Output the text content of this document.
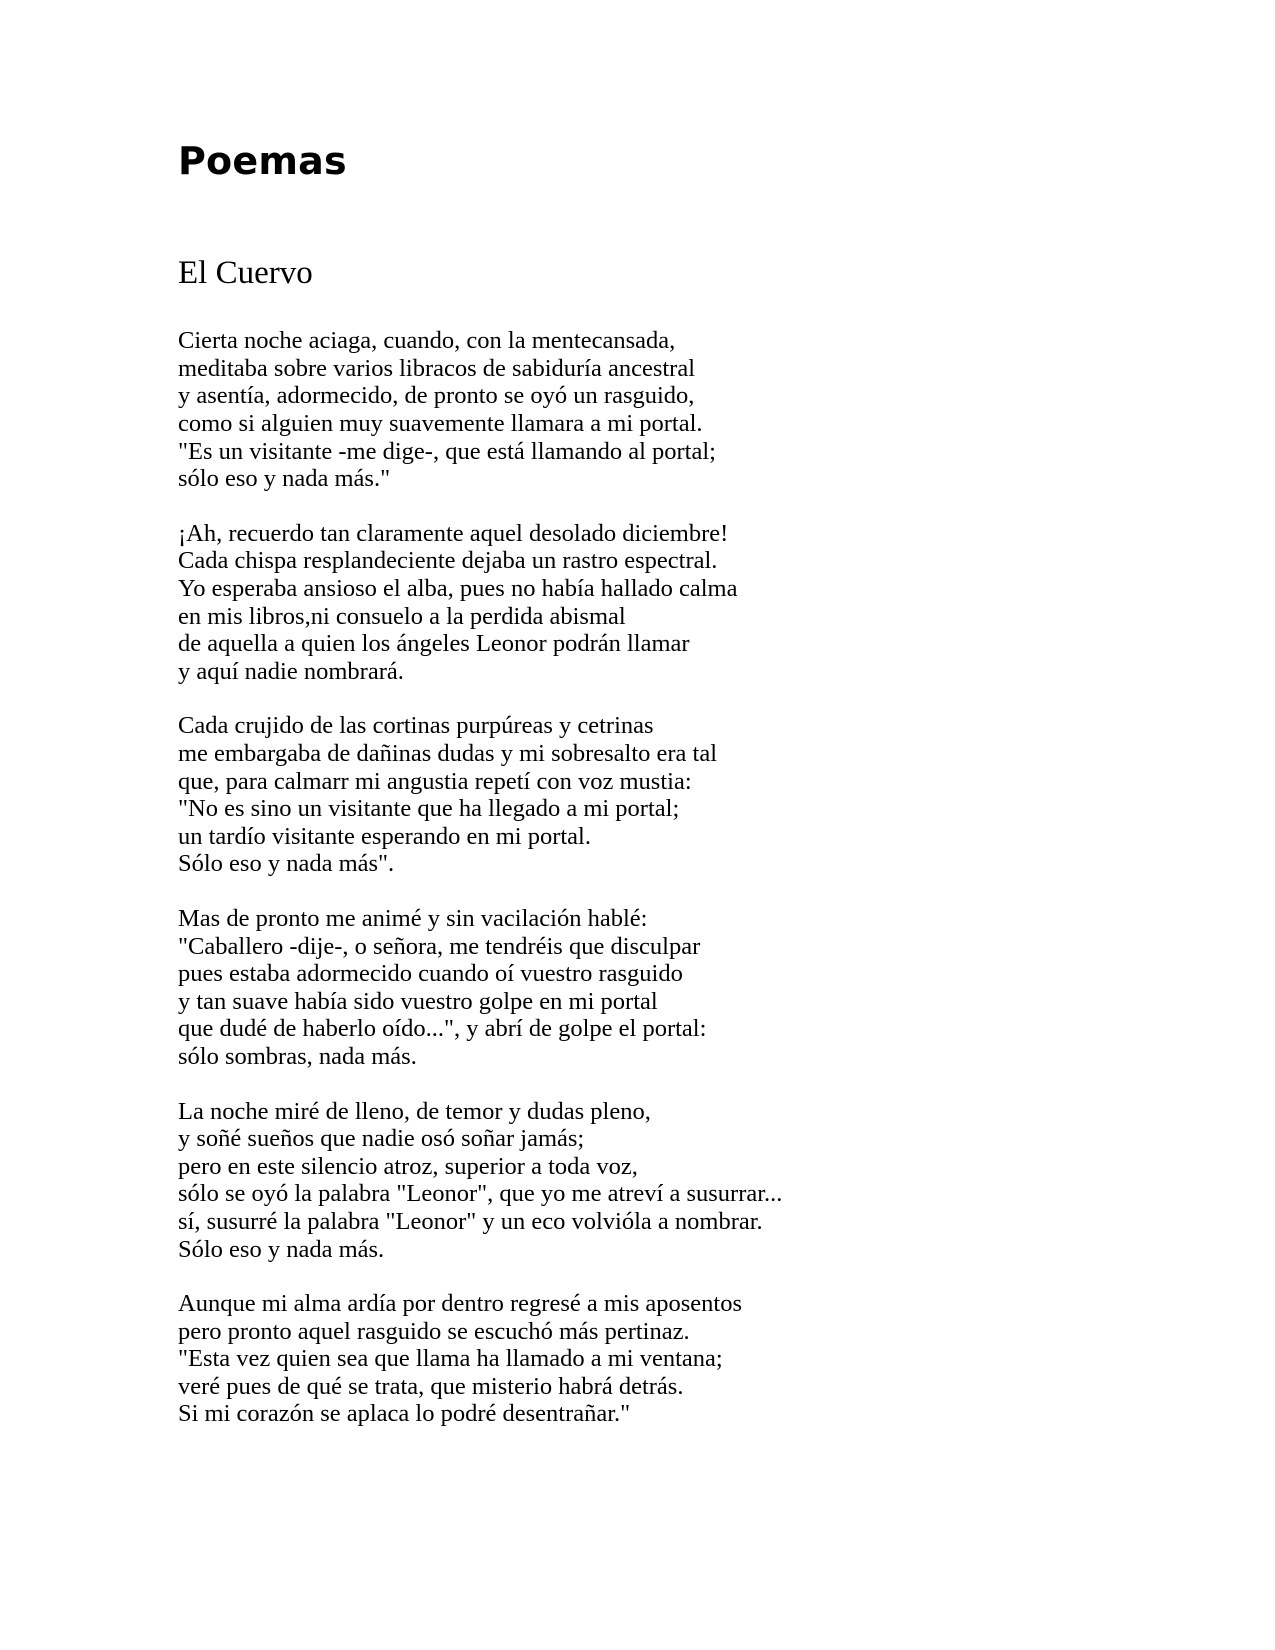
Poemas
El Cuervo

Cierta noche aciaga, cuando, con la mentecansada,
meditaba sobre varios libracos de sabiduría ancestral
y asentía, adormecido, de pronto se oyó un rasguido,
como si alguien muy suavemente llamara a mi portal.
"Es un visitante -me dige-, que está llamando al portal;
sólo eso y nada más."

¡Ah, recuerdo tan claramente aquel desolado diciembre!
Cada chispa resplandeciente dejaba un rastro espectral.
Yo esperaba ansioso el alba, pues no había hallado calma
en mis libros,ni consuelo a la perdida abismal
de aquella a quien los ángeles Leonor podrán llamar
y aquí nadie nombrará.

Cada crujido de las cortinas purpúreas y cetrinas
me embargaba de dañinas dudas y mi sobresalto era tal
que, para calmarr mi angustia repetí con voz mustia:
"No es sino un visitante que ha llegado a mi portal;
un tardío visitante esperando en mi portal.
Sólo eso y nada más".

Mas de pronto me animé y sin vacilación hablé:
"Caballero -dije-, o señora, me tendréis que disculpar
pues estaba adormecido cuando oí vuestro rasguido
y tan suave había sido vuestro golpe en mi portal
que dudé de haberlo oído...", y abrí de golpe el portal:
sólo sombras, nada más.

La noche miré de lleno, de temor y dudas pleno,
y soñé sueños que nadie osó soñar jamás;
pero en este silencio atroz, superior a toda voz,
sólo se oyó la palabra "Leonor", que yo me atreví a susurrar...
sí, susurré la palabra "Leonor" y un eco volvióla a nombrar.
Sólo eso y nada más.

Aunque mi alma ardía por dentro regresé a mis aposentos
pero pronto aquel rasguido se escuchó más pertinaz.
"Esta vez quien sea que llama ha llamado a mi ventana;
veré pues de qué se trata, que misterio habrá detrás.
Si mi corazón se aplaca lo podré desentrañar."
